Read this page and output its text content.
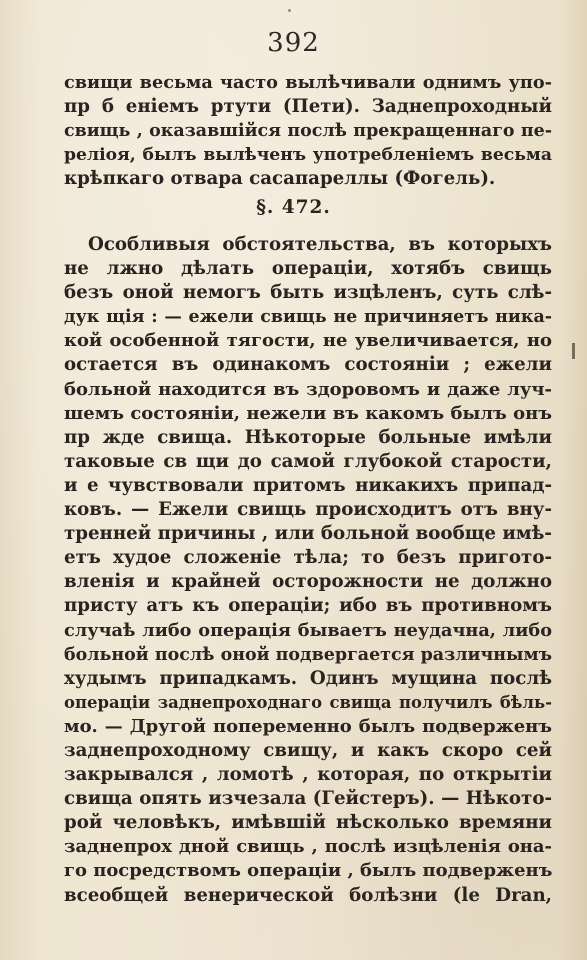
392
свищи весьма часто вылѣчивали однимъ упо-
пр б еніемъ ртути (Пети). Заднепроходный
свищь , оказавшійся послѣ прекращеннаго пе-
реліоя, былъ вылѣченъ употребленіемъ весьма
крѣпкаго отвара сасапареллы (Фогель).
§. 472.
Особливыя обстоятельства, въ которыхъ
не лжно дѣлать операціи, хотябъ свищь
безъ оной немогъ быть изцѣленъ, суть слѣ-
дук щія : — ежели свищь не причиняетъ ника-
кой особенной тягости, не увеличивается, но
остается въ одинакомъ состояніи ; ежели
больной находится въ здоровомъ и даже луч-
шемъ состояніи, нежели въ какомъ былъ онъ
пр жде свища. Нѣкоторые больные имѣли
таковые св щи до самой глубокой старости,
и е чувствовали притомъ никакихъ припад-
ковъ. — Ежели свищь происходитъ отъ вну-
тренней причины , или больной вообще имѣ-
етъ худое сложеніе тѣла; то безъ пригото-
вленія и крайней осторожности не должно
присту атъ къ операціи; ибо въ противномъ
случаѣ либо операція бываетъ неудачна, либо
больной послѣ оной подвергается различнымъ
худымъ припадкамъ. Одинъ мущина послѣ
операціи заднепроходнаго свища получилъ бѣль-
мо. — Другой попеременно былъ подверженъ
заднепроходному свищу, и какъ скоро сей
закрывался , ломотѣ , которая, по открытіи
свища опять изчезала (Гейстеръ). — Нѣкото-
рой человѣкъ, имѣвшій нѣсколько времяни
заднепрох дной свищь , послѣ изцѣленія она-
го посредствомъ операціи , былъ подверженъ
всеобщей венерической болѣзни (le Dran,
